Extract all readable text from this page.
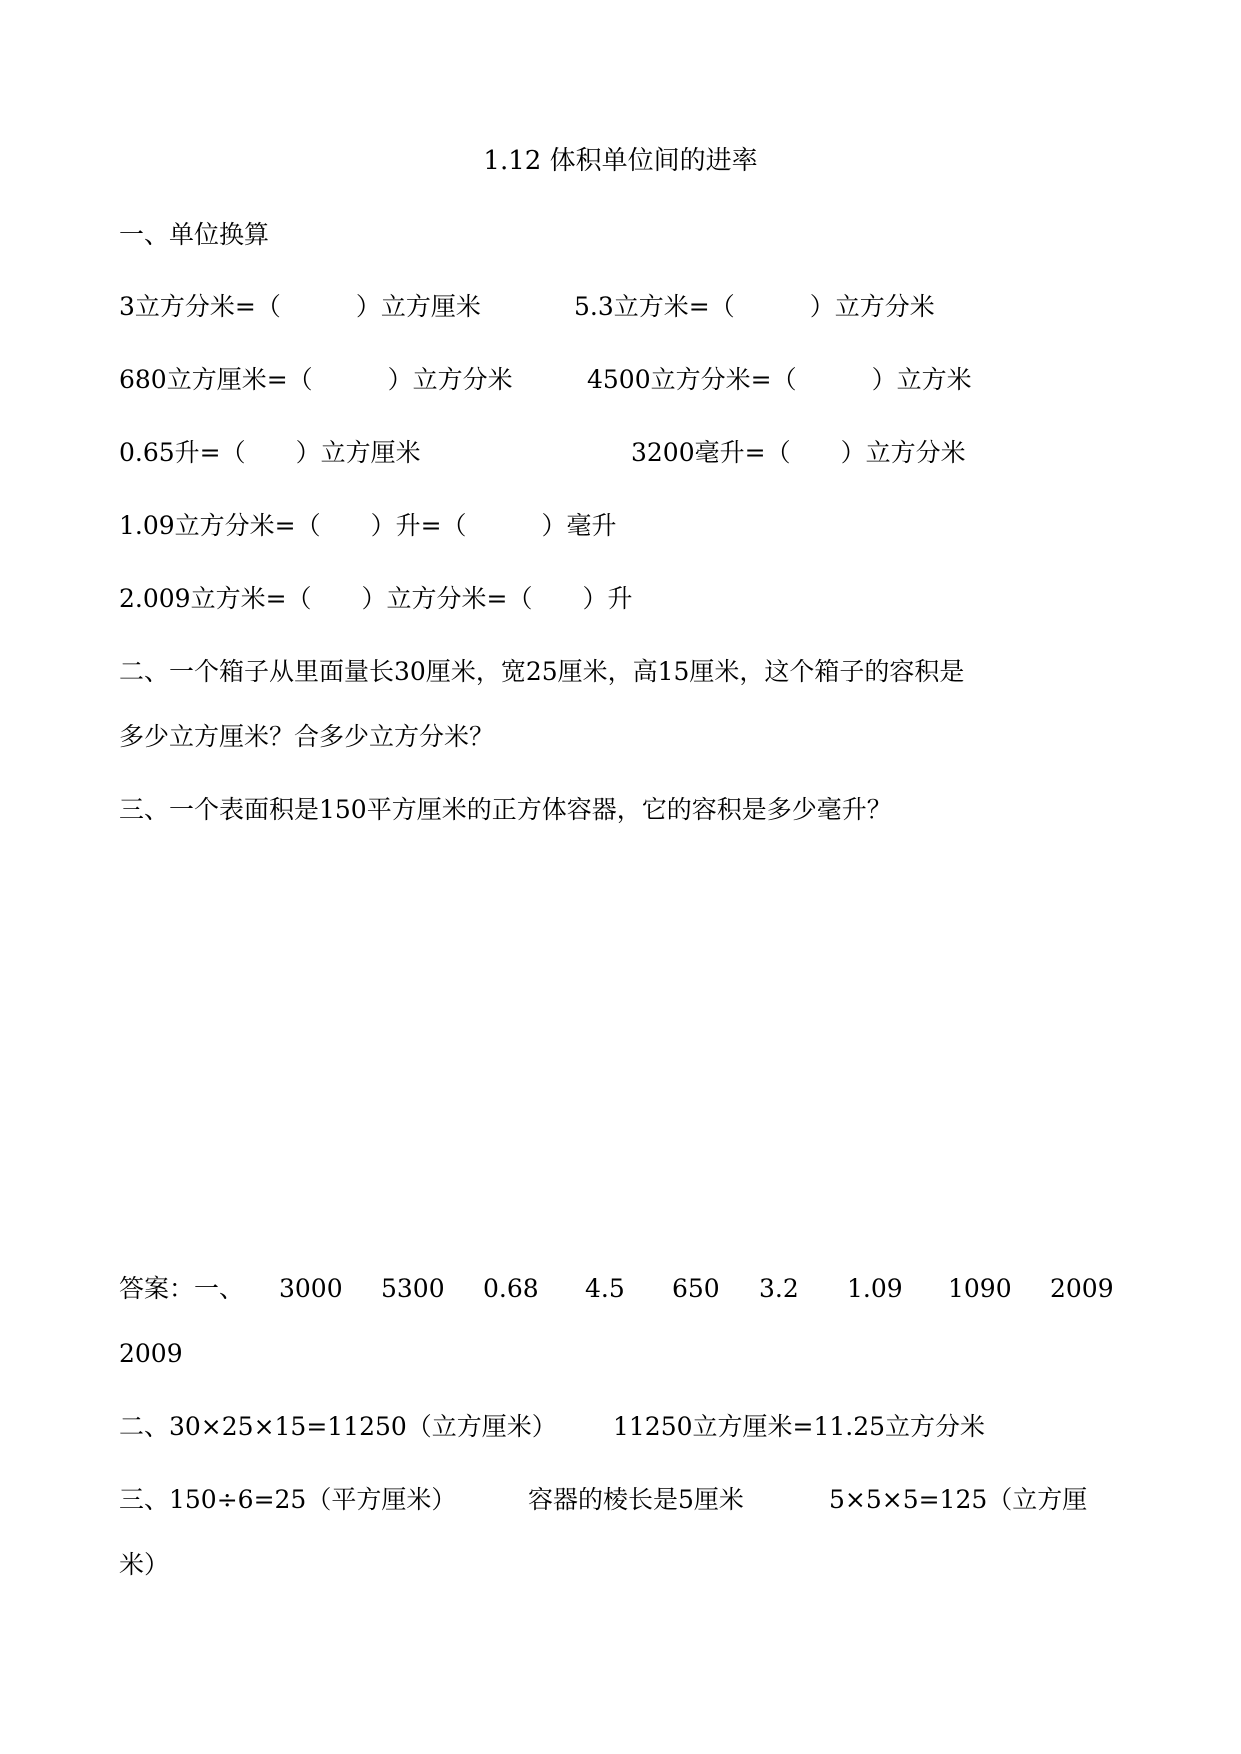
1.12 体积单位间的进率
一、单位换算

3立方分米=（　　　）立方厘米

	5.3立方米=（　　　）立方分米

680立方厘米=（　　　）立方分米

	4500立方分米=（　　　）立方米

0.65升=（　　）立方厘米

	3200毫升=（　　）立方分米

1.09立方分米=（　　）升=（　　　）毫升
2.009立方米=（　　）立方分米=（　　）升
二、一个箱子从里面量长30厘米，宽25厘米，高15厘米，这个箱子的容积是
多少立方厘米？合多少立方分米？
三、一个表面积是150平方厘米的正方体容器，它的容积是多少毫升？

答案：一、

3000

5300

0.68

4.5

650

3.2

1.09

1090

2009

2009

二、30×25×15=11250（立方厘米）

11250立方厘米=11.25立方分米

三、150÷6=25（平方厘米）

	容器的棱长是5厘米

	5×5×5=125（立方厘

米）
